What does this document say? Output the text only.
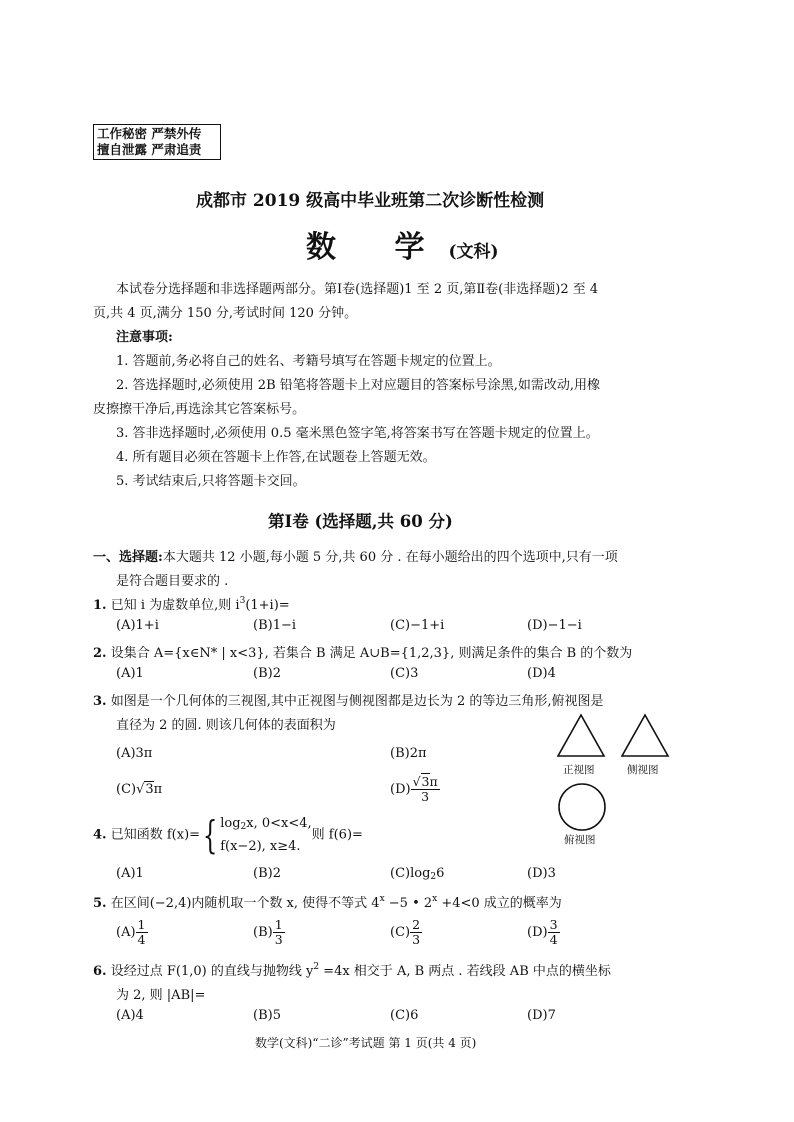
工作秘密 严禁外传
擅自泄露 严肃追责
成都市 2019 级高中毕业班第二次诊断性检测
数 学(文科)
本试卷分选择题和非选择题两部分。第Ⅰ卷(选择题)1 至 2 页,第Ⅱ卷(非选择题)2 至 4
页,共 4 页,满分 150 分,考试时间 120 分钟。
注意事项:
1. 答题前,务必将自己的姓名、考籍号填写在答题卡规定的位置上。
2. 答选择题时,必须使用 2B 铅笔将答题卡上对应题目的答案标号涂黑,如需改动,用橡
皮擦擦干净后,再选涂其它答案标号。
3. 答非选择题时,必须使用 0.5 毫米黑色签字笔,将答案书写在答题卡规定的位置上。
4. 所有题目必须在答题卡上作答,在试题卷上答题无效。
5. 考试结束后,只将答题卡交回。
第Ⅰ卷 (选择题,共 60 分)
一、选择题:本大题共 12 小题,每小题 5 分,共 60 分 . 在每小题给出的四个选项中,只有一项
是符合题目要求的 .
1. 已知 i 为虚数单位,则 $i^3(1+i)=$
(A)1+i	(B)1−i	(C)−1+i	(D)−1−i
2. 设集合 A={x∈N* | x<3}, 若集合 B 满足 A∪B={1,2,3}, 则满足条件的集合 B 的个数为
(A)1	(B)2	(C)3	(D)4
3. 如图是一个几何体的三视图,其中正视图与侧视图都是边长为 2 的等边三角形,俯视图是
直径为 2 的圆. 则该几何体的表面积为
(A)3π	(B)2π
(C)√3π	$(D) \frac{√3\pi}{3}$
正视图	侧视图
俯视图
4. 已知函数 f(x)={ $\log_2x$, 0<x<4,
f(x−2), x≥4.
则 f(6)=
(A)1	(B)2	$(C)\log_26$	(D)3
5. 在区间(−2,4)内随机取一个数 x, 使得不等式 $4^x -5$ • $2^x +4<0$ 成立的概率为
$(A) \frac{1}{4}$	$(B) \frac{1}{3}$	$(C) \frac{2}{3}$	$(D) \frac{3}{4}$
6. 设经过点 F(1,0) 的直线与抛物线 $y^2 =4x$ 相交于 A, B 两点 . 若线段 AB 中点的横坐标
为 2, 则 |AB|=
(A)4	(B)5	(C)6	(D)7
数学(文科)“二诊”考试题 第 1 页(共 4 页)
